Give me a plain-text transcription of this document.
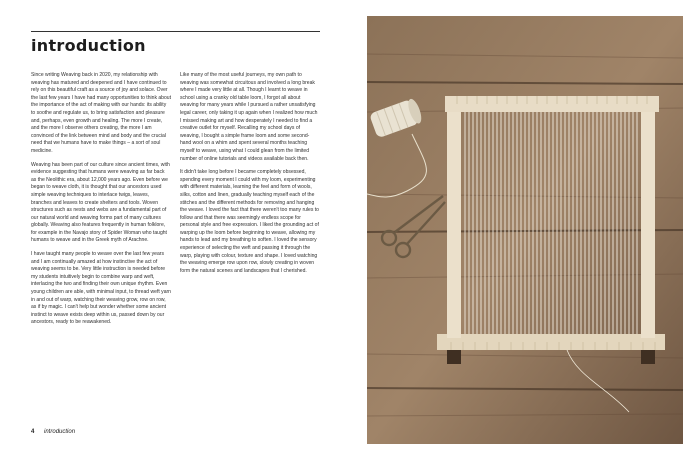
introduction

Since writing Weaving back in 2020, my relationship with weaving has matured and deepened and I have continued to rely on this beautiful craft as a source of joy and solace. Over the last few years I have had many opportunities to think about the importance of the act of making with our hands: its ability to soothe and regulate us, to bring satisfaction and pleasure and, perhaps, even growth and healing. The more I create, and the more I observe others creating, the more I am convinced of the link between mind and body and the crucial need that we humans have to make things – a sort of soul medicine.

Weaving has been part of our culture since ancient times, with evidence suggesting that humans were weaving as far back as the Neolithic era, about 12,000 years ago. Even before we began to weave cloth, it is thought that our ancestors used simple weaving techniques to interlace twigs, leaves, branches and leaves to create shelters and tools. Woven structures such as nests and webs are a fundamental part of our natural world and weaving forms part of many cultures globally. Weaving also features frequently in human folklore, for example in the Navajo story of Spider Woman who taught humans to weave and in the Greek myth of Arachne.

I have taught many people to weave over the last few years and I am continually amazed at how instinctive the act of weaving seems to be. Very little instruction is needed before my students intuitively begin to combine warp and weft, interlacing the two and finding their own unique rhythm. Even young children are able, with minimal input, to thread weft yarn in and out of warp, watching their weaving grow, row on row, as if by magic. I can't help but wonder whether some ancient instinct to weave exists deep within us, passed down by our ancestors, ready to be reawakened.

Like many of the most useful journeys, my own path to weaving was somewhat circuitous and involved a long break where I made very little at all. Though I learnt to weave in school using a cranky old table loom, I forgot all about weaving for many years while I pursued a rather unsatisfying legal career, only taking it up again when I realized how much I missed making art and how desperately I needed to find a creative outlet for myself. Recalling my school days of weaving, I bought a simple frame loom and some second-hand wool on a whim and spent several months teaching myself to weave, using what I could glean from the limited number of online tutorials and videos available back then.

It didn't take long before I became completely obsessed, spending every moment I could with my loom, experimenting with different materials, learning the feel and form of wools, silks, cotton and linen, gradually teaching myself each of the stitches and the different methods for removing and hanging the weave. I loved the fact that there weren't too many rules to follow and that there was seemingly endless scope for personal style and free expression. I liked the grounding act of warping up the loom before beginning to weave, allowing my hands to lead and my breathing to soften. I loved the sensory experience of selecting the weft and passing it through the warp, playing with colour, texture and shape. I loved watching the weaving emerge row upon row, slowly creating in woven form the natural scenes and landscapes that I cherished.

4 introduction
